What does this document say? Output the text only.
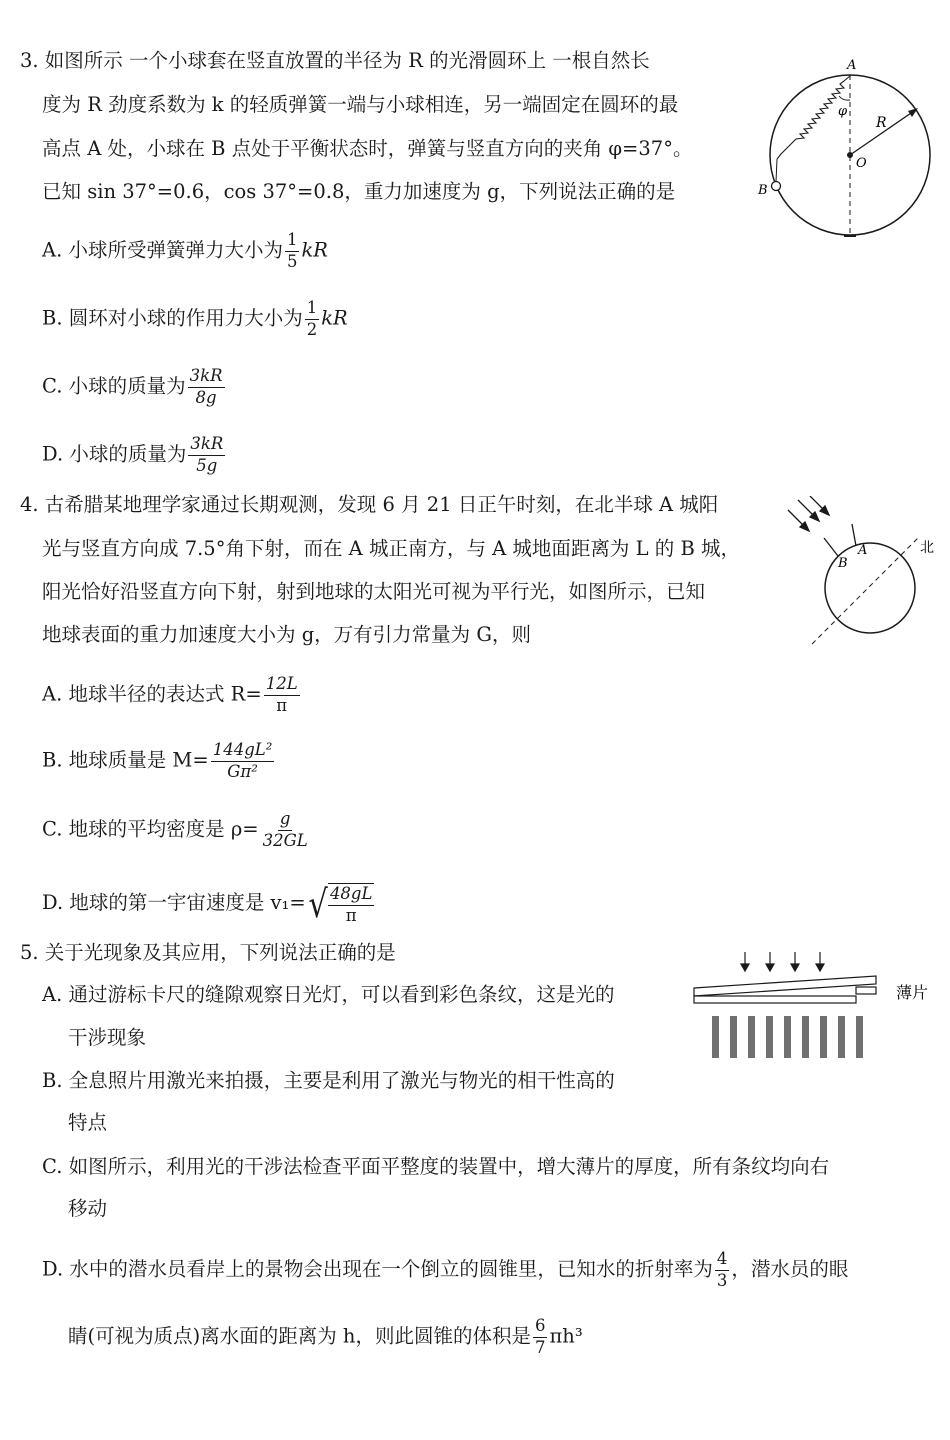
3. 如图所示 一个小球套在竖直放置的半径为 R 的光滑圆环上 一根自然长
度为 R 劲度系数为 k 的轻质弹簧一端与小球相连，另一端固定在圆环的最
高点 A 处，小球在 B 点处于平衡状态时，弹簧与竖直方向的夹角 φ=37°。
已知 sin 37°=0.6，cos 37°=0.8，重力加速度为 g，下列说法正确的是
A. 小球所受弹簧弹力大小为 $\frac{1}{5}$ kR
B. 圆环对小球的作用力大小为 $\frac{1}{2}$ kR
C. 小球的质量为 $\frac{3kR}{8g}$
D. 小球的质量为 $\frac{3kR}{5g}$
A
φ
R
O
B
4. 古希腊某地理学家通过长期观测，发现 6 月 21 日正午时刻，在北半球 A 城阳
光与竖直方向成 7.5°角下射，而在 A 城正南方，与 A 城地面距离为 L 的 B 城，
阳光恰好沿竖直方向下射，射到地球的太阳光可视为平行光，如图所示，已知
地球表面的重力加速度大小为 g，万有引力常量为 G，则
A. 地球半径的表达式 $R= \frac{12L}{\pi}$
B. 地球质量是 $M= \frac{\text{144gL²}}{\text{Gπ²}}$
C. 地球的平均密度是 $\rho= \frac{g}{32GL}$
D. 地球的第一宇宙速度是 v₁= √ $\frac{48gL}{\pi}$
B
A	北
5. 关于光现象及其应用，下列说法正确的是
A. 通过游标卡尺的缝隙观察日光灯，可以看到彩色条纹，这是光的
干涉现象
B. 全息照片用激光来拍摄，主要是利用了激光与物光的相干性高的
特点
C. 如图所示，利用光的干涉法检查平面平整度的装置中，增大薄片的厚度，所有条纹均向右
移动
D. 水中的潜水员看岸上的景物会出现在一个倒立的圆锥里，已知水的折射率为 $\frac{4}{3}$ ，潜水员的眼
睛(可视为质点)离水面的距离为 h，则此圆锥的体积是 $\frac{6}{7} \pi h^3$
薄片
